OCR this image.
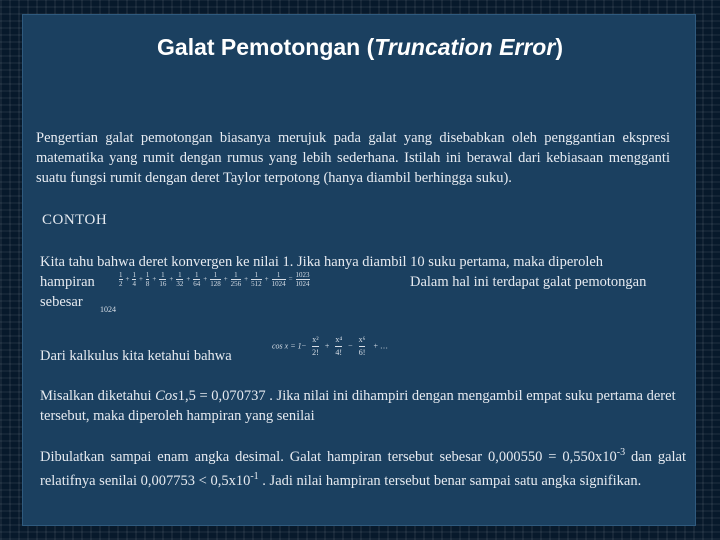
Galat Pemotongan (Truncation Error)
Pengertian galat pemotongan biasanya merujuk pada galat yang disebabkan oleh penggantian ekspresi matematika yang rumit dengan rumus yang lebih sederhana. Istilah ini berawal dari kebiasaan mengganti suatu fungsi rumit dengan deret Taylor terpotong (hanya diambil berhingga suku).
CONTOH
Kita tahu bahwa deret konvergen ke nilai 1. Jika hanya diambil 10 suku pertama, maka diperoleh
hampiran	$\frac{1}{2} + \frac{1}{4} + \frac{1}{8} + \frac{1}{16} + \frac{1}{32} + \frac{1}{64} + \frac{1}{128} + \frac{1}{256} + \frac{1}{512} + \frac{1}{1024} = \frac{1023}{1024}$	Dalam hal ini terdapat galat pemotongan
sebesar 1024
Dari kalkulus kita ketahui bahwa
$\cos x = 1- \frac{\text{x²}}{2!} + \frac{\text{x⁴}}{4!} - \frac{\text{x⁶}}{6!}$ + …
Misalkan diketahui Cos1,5 = 0,070737 . Jika nilai ini dihampiri dengan mengambil empat suku pertama deret tersebut, maka diperoleh hampiran yang senilai
Dibulatkan sampai enam angka desimal. Galat hampiran tersebut sebesar $0,000550 = 0,550x10^{-3}$ dan galat relatifnya senilai $0,007753 < 0,5x10^{-1}$ . Jadi nilai hampiran tersebut benar sampai satu angka signifikan.
